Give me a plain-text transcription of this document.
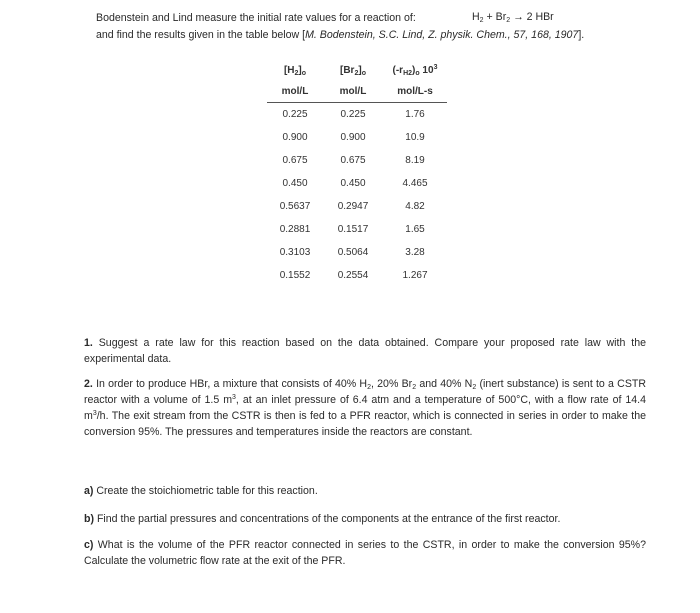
Bodenstein and Lind measure the initial rate values for a reaction of:	$H_2 + Br_2 \to 2$ HBr
and find the results given in the table below [M. Bodenstein, S.C. Lind, Z. physik. Chem., 57, 168, 1907].
$[H_2]_o$	$[Br_2]_o$	$(-r_{H2})_o$ $10^3$
mol/L	mol/L	mol/L-s
0.225	0.225	1.76
0.900	0.900	10.9
0.675	0.675	8.19
0.450	0.450	4.465
0.5637	0.2947	4.82
0.2881	0.1517	1.65
0.3103	0.5064	3.28
0.1552	0.2554	1.267
1. Suggest a rate law for this reaction based on the data obtained. Compare your proposed rate law with the experimental data.
2. In order to produce HBr, a mixture that consists of 40% $H_2$, 20% $Br_2$ and 40% $N_2$ (inert substance) is sent to a CSTR reactor with a volume of 1.5 $m^3$, at an inlet pressure of 6.4 atm and a temperature of 500°C, with a flow rate of 14.4 $m^3/h$. The exit stream from the CSTR is then is fed to a PFR reactor, which is connected in series in order to make the conversion 95%. The pressures and temperatures inside the reactors are constant.
a) Create the stoichiometric table for this reaction.
b) Find the partial pressures and concentrations of the components at the entrance of the first reactor.
c) What is the volume of the PFR reactor connected in series to the CSTR, in order to make the conversion 95%? Calculate the volumetric flow rate at the exit of the PFR.
